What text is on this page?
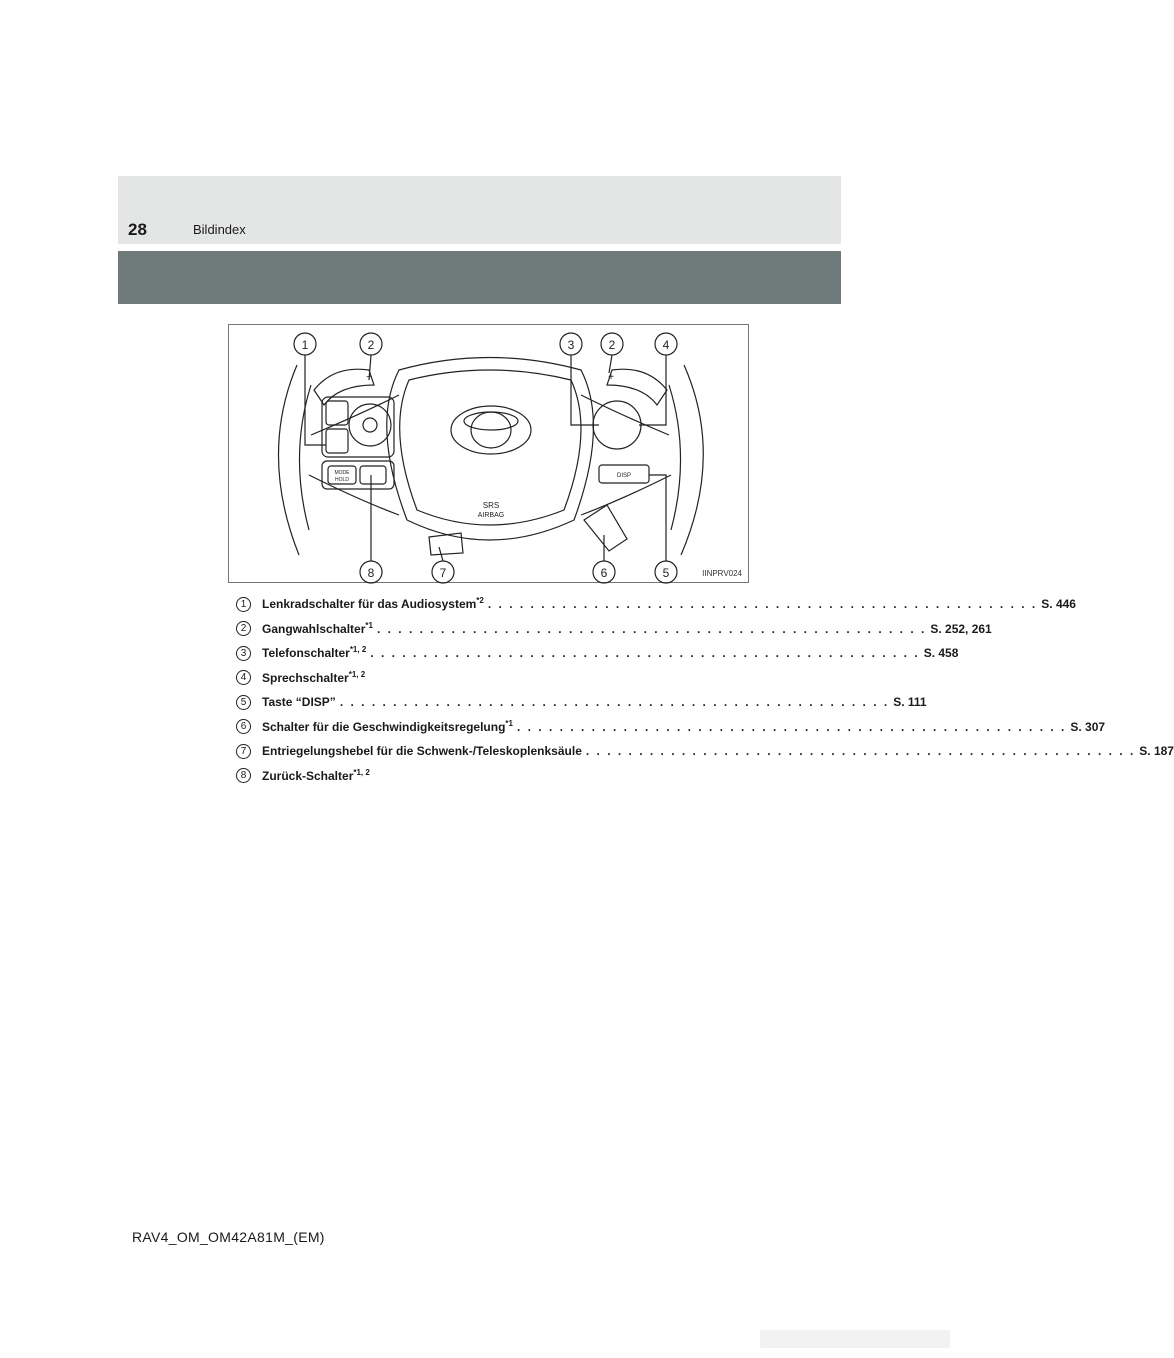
28	Bildindex
1	2	3	2	4
8	7	6	5
SRS
AIRBAG
DISP
MODE
HOLD
−	+
IINPRV024
1	Lenkradschalter für das Audiosystem$^{*2}$ . . . . . . . . . . . . . . . . . . . . . . . . . . . . . . . . . . . . . . . . . . . . . . . . . . . . S. 446
2	Gangwahlschalter$^{*1}$ . . . . . . . . . . . . . . . . . . . . . . . . . . . . . . . . . . . . . . . . . . . . . . . . . . . . S. 252, 261
3	Telefonschalter$^{*1, 2}$ . . . . . . . . . . . . . . . . . . . . . . . . . . . . . . . . . . . . . . . . . . . . . . . . . . . . S. 458
4	Sprechschalter$^{*1, 2}$
5	Taste “DISP” . . . . . . . . . . . . . . . . . . . . . . . . . . . . . . . . . . . . . . . . . . . . . . . . . . . . S. 111
6	Schalter für die Geschwindigkeitsregelung$^{*1}$ . . . . . . . . . . . . . . . . . . . . . . . . . . . . . . . . . . . . . . . . . . . . . . . . . . . . S. 307
7	Entriegelungshebel für die Schwenk-/Teleskoplenksäule . . . . . . . . . . . . . . . . . . . . . . . . . . . . . . . . . . . . . . . . . . . . . . . . . . . . S. 187
8	Zurück-Schalter$^{*1, 2}$
RAV4_OM_OM42A81M_(EM)
